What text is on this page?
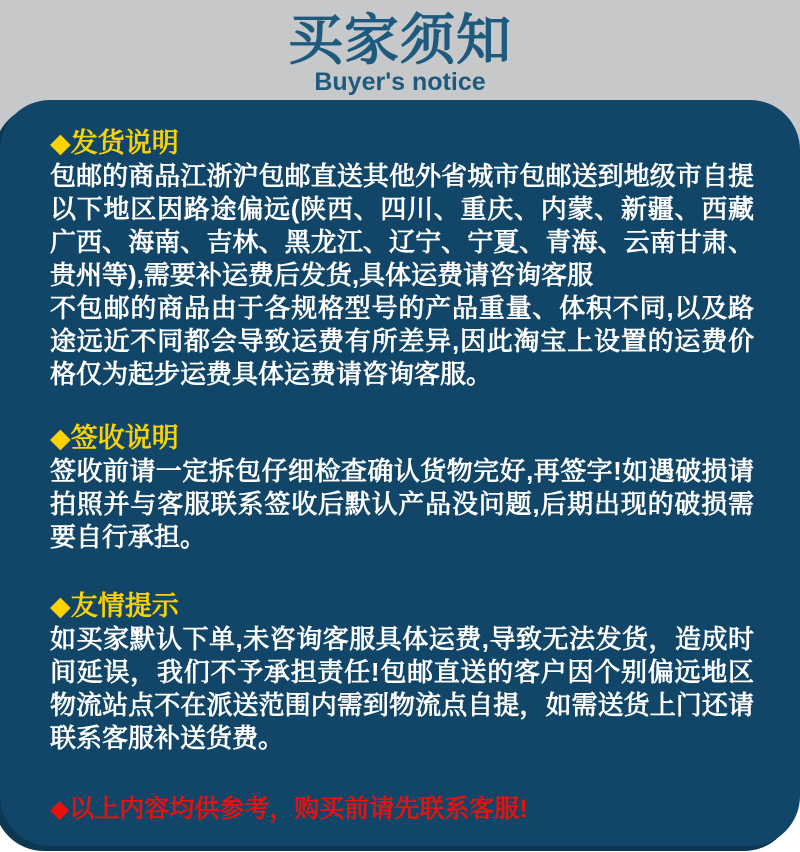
买家须知
Buyer's notice
◆发货说明

包邮的商品江浙沪包邮直送其他外省城市包邮送到地级市自提以下地区因路途偏远(陕西、四川、重庆、内蒙、新疆、西藏广西、海南、吉林、黑龙江、辽宁、宁夏、青海、云南甘肃、贵州等),需要补运费后发货,具体运费请咨询客服

不包邮的商品由于各规格型号的产品重量、体积不同,以及路途远近不同都会导致运费有所差异,因此淘宝上设置的运费价格仅为起步运费具体运费请咨询客服。

◆签收说明

签收前请一定拆包仔细检查确认货物完好,再签字!如遇破损请拍照并与客服联系签收后默认产品没问题,后期出现的破损需要自行承担。

◆友情提示

如买家默认下单,未咨询客服具体运费,导致无法发货，造成时间延误，我们不予承担责任!包邮直送的客户因个别偏远地区物流站点不在派送范围内需到物流点自提，如需送货上门还请联系客服补送货费。

◆以上内容均供参考，购买前请先联系客服!
